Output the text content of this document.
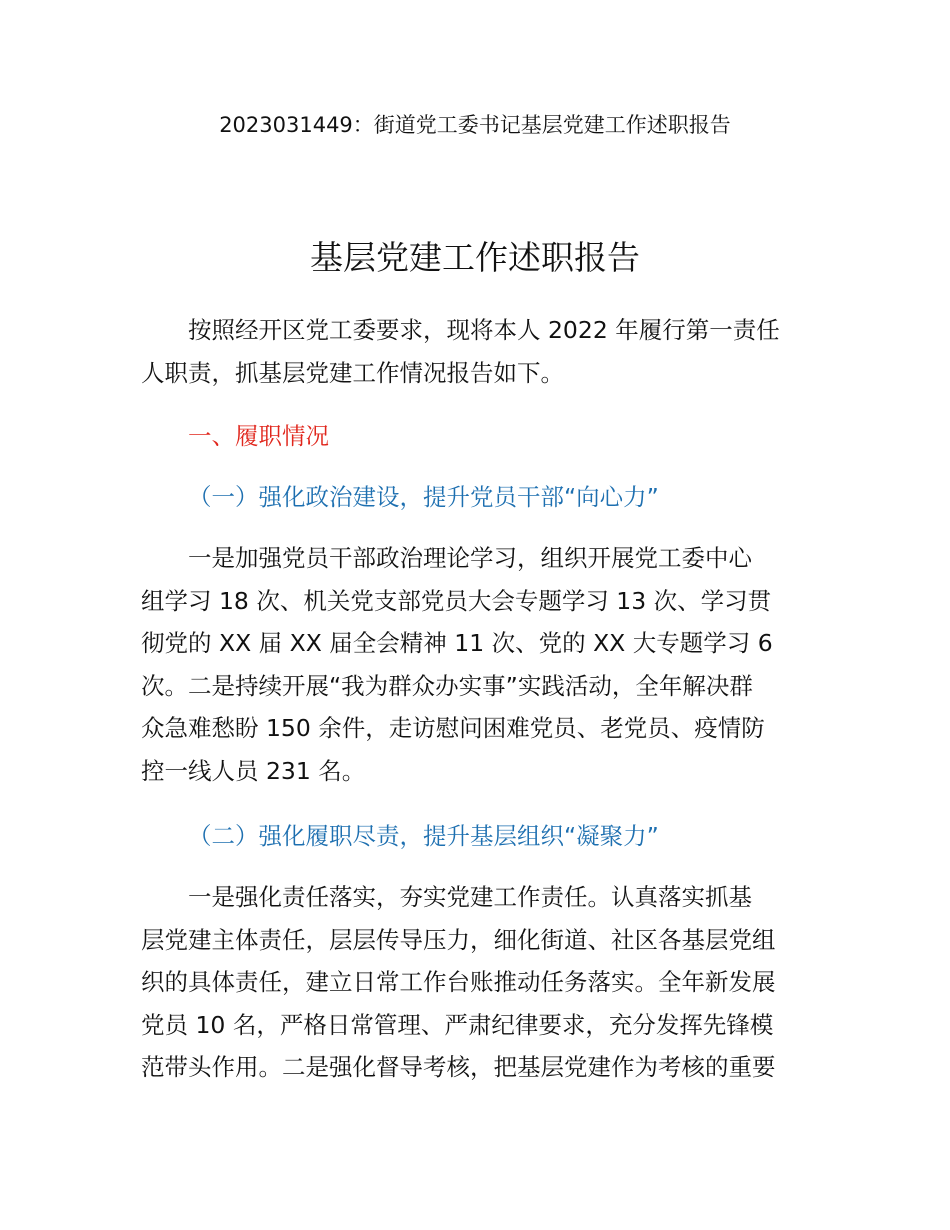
2023031449：街道党工委书记基层党建工作述职报告
基层党建工作述职报告
按照经开区党工委要求，现将本人 2022 年履行第一责任
人职责，抓基层党建工作情况报告如下。
一、履职情况
（一）强化政治建设，提升党员干部“向心力”
一是加强党员干部政治理论学习，组织开展党工委中心
组学习 18 次、机关党支部党员大会专题学习 13 次、学习贯
彻党的 XX 届 XX 届全会精神 11 次、党的 XX 大专题学习 6
次。二是持续开展“我为群众办实事”实践活动，全年解决群
众急难愁盼 150 余件，走访慰问困难党员、老党员、疫情防
控一线人员 231 名。
（二）强化履职尽责，提升基层组织“凝聚力”
一是强化责任落实，夯实党建工作责任。认真落实抓基
层党建主体责任，层层传导压力，细化街道、社区各基层党组
织的具体责任，建立日常工作台账推动任务落实。全年新发展
党员 10 名，严格日常管理、严肃纪律要求，充分发挥先锋模
范带头作用。二是强化督导考核，把基层党建作为考核的重要
